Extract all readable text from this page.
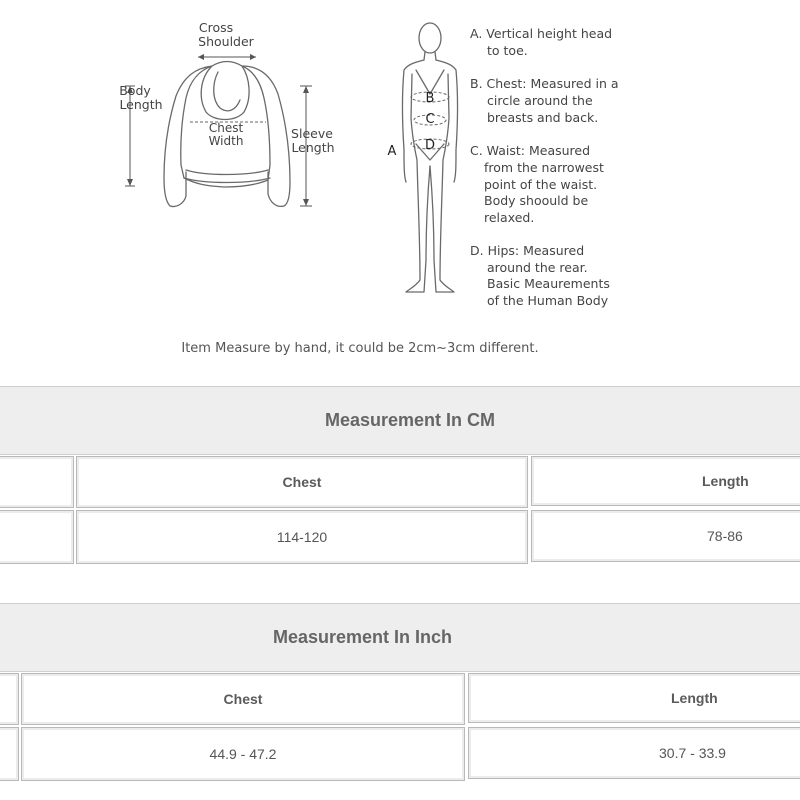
Cross
Shoulder
Body
Length
Chest
Width	Sleeve
Length	A
B
C
D
A. Vertical height head
to toe.
B. Chest: Measured in a
circle around the
breasts and back.
C. Waist: Measured
from the narrowest
point of the waist.
Body shoould be
relaxed.
D. Hips: Measured
around the rear.
Basic Meaurements
of the Human Body
Item Measure by hand, it could be 2cm~3cm different.
Measurement In CM
Chest	Length
114-120	78-86
Measurement In Inch
Chest	Length
44.9 - 47.2	30.7 - 33.9
